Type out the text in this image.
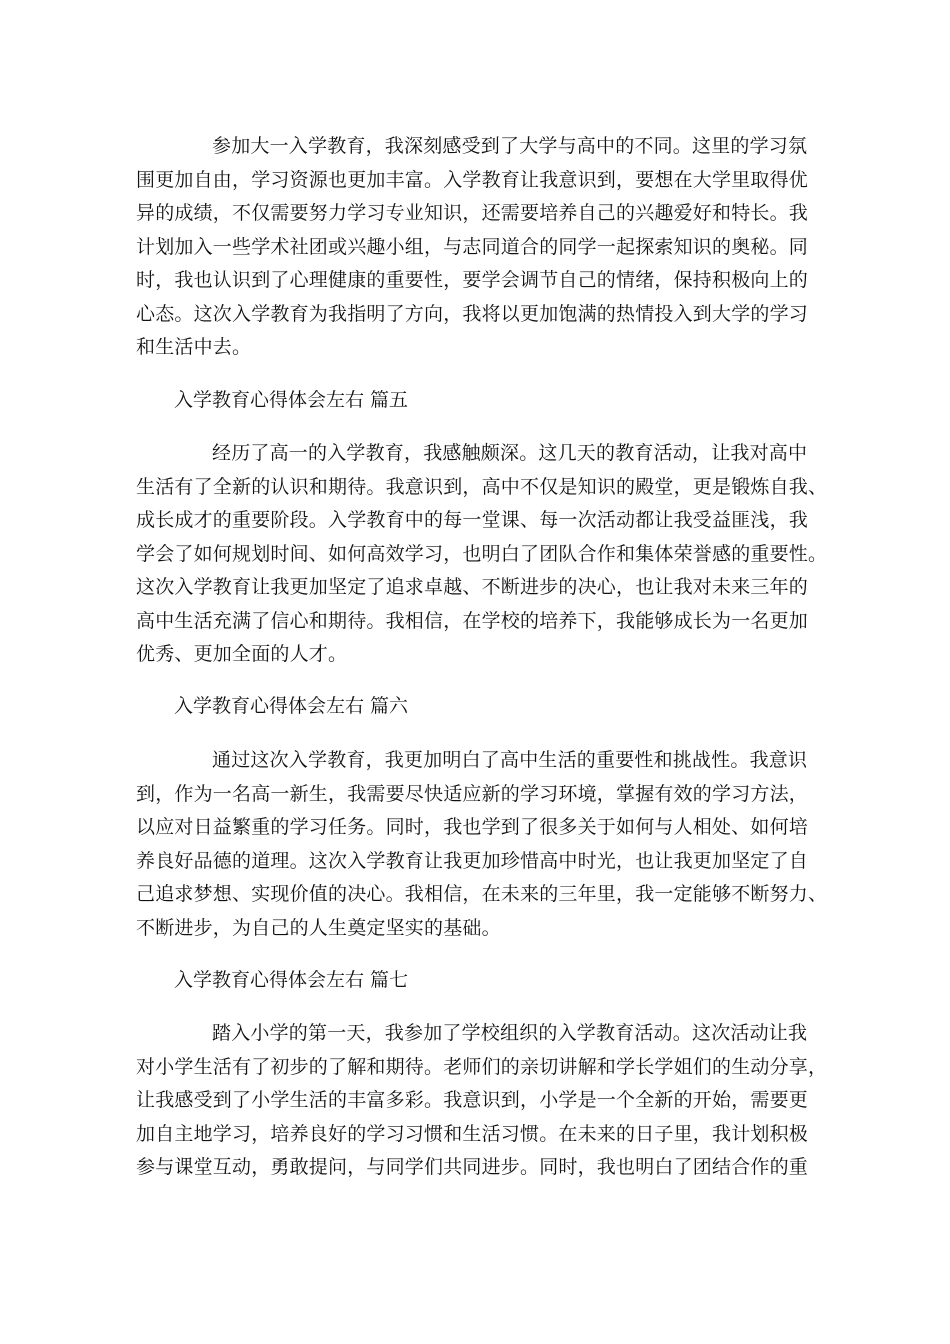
参加大一入学教育，我深刻感受到了大学与高中的不同。这里的学习氛
围更加自由，学习资源也更加丰富。入学教育让我意识到，要想在大学里取得优
异的成绩，不仅需要努力学习专业知识，还需要培养自己的兴趣爱好和特长。我
计划加入一些学术社团或兴趣小组，与志同道合的同学一起探索知识的奥秘。同
时，我也认识到了心理健康的重要性，要学会调节自己的情绪，保持积极向上的
心态。这次入学教育为我指明了方向，我将以更加饱满的热情投入到大学的学习
和生活中去。

入学教育心得体会左右 篇五

经历了高一的入学教育，我感触颇深。这几天的教育活动，让我对高中
生活有了全新的认识和期待。我意识到，高中不仅是知识的殿堂，更是锻炼自我、
成长成才的重要阶段。入学教育中的每一堂课、每一次活动都让我受益匪浅，我
学会了如何规划时间、如何高效学习，也明白了团队合作和集体荣誉感的重要性。
这次入学教育让我更加坚定了追求卓越、不断进步的决心，也让我对未来三年的
高中生活充满了信心和期待。我相信，在学校的培养下，我能够成长为一名更加
优秀、更加全面的人才。

入学教育心得体会左右 篇六

通过这次入学教育，我更加明白了高中生活的重要性和挑战性。我意识
到，作为一名高一新生，我需要尽快适应新的学习环境，掌握有效的学习方法，
以应对日益繁重的学习任务。同时，我也学到了很多关于如何与人相处、如何培
养良好品德的道理。这次入学教育让我更加珍惜高中时光，也让我更加坚定了自
己追求梦想、实现价值的决心。我相信，在未来的三年里，我一定能够不断努力、
不断进步，为自己的人生奠定坚实的基础。

入学教育心得体会左右 篇七

踏入小学的第一天，我参加了学校组织的入学教育活动。这次活动让我
对小学生活有了初步的了解和期待。老师们的亲切讲解和学长学姐们的生动分享，
让我感受到了小学生活的丰富多彩。我意识到，小学是一个全新的开始，需要更
加自主地学习，培养良好的学习习惯和生活习惯。在未来的日子里，我计划积极
参与课堂互动，勇敢提问，与同学们共同进步。同时，我也明白了团结合作的重
